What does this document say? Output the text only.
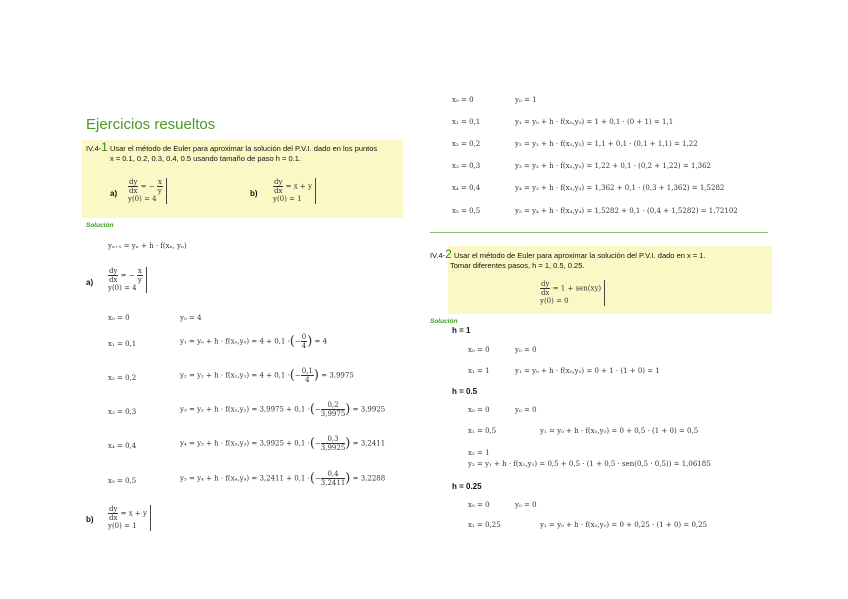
Ejercicios resueltos
IV.4-1 Usar el método de Euler para aproximar la solución del P.V.I. dado en los puntos
x = 0.1, 0.2, 0.3, 0.4, 0.5 usando tamaño de paso h = 0.1.
$a) \frac{dy}{dx}$ = − $\frac{x}{y}$

y(0) = 4
$b) \frac{dy}{dx} = x + y$
y(0) = 1
Solución
yₙ₊₁ = yₙ + h · f(xₙ, yₙ)
$a) \frac{dy}{dx}$ = − $\frac{x}{y}$

y(0) = 4
x₀ = 0	y₀ = 4
x₁ = 0,1	y₁ = y₀ + h · f(x₀,y₀) = 4 + 0,1 ·(− $\frac{0}{4}$ ) = 4
x₂ = 0,2	y₂ = y₁ + h · f(x₁,y₁) = 4 + 0,1 ·(− $\frac{0,1}{4}$ ) = 3,9975
x₃ = 0,3	y₃ = y₂ + h · f(x₂,y₂) = 3,9975 + 0,1 ·(− $\frac{0,2}{3,9975}$ ) = 3,9925
x₄ = 0,4	y₄ = y₃ + h · f(x₃,y₃) = 3,9925 + 0,1 ·(− $\frac{0,3}{3,9925}$ ) = 3,2411
x₅ = 0,5	y₅ = y₄ + h · f(x₄,y₄) = 3,2411 + 0,1 ·(− $\frac{0,4}{3,2411}$ ) = 3,2288
$b) \frac{dy}{dx} = x + y$
y(0) = 1
x₀ = 0	y₀ = 1
x₁ = 0,1	y₁ = y₀ + h · f(x₀,y₀) = 1 + 0,1 · (0 + 1) = 1,1
x₂ = 0,2	y₂ = y₁ + h · f(x₁,y₁) = 1,1 + 0,1 · (0,1 + 1,1) = 1,22
x₃ = 0,3	y₃ = y₂ + h · f(x₂,y₂) = 1,22 + 0,1 · (0,2 + 1,22) = 1,362
x₄ = 0,4	y₄ = y₃ + h · f(x₃,y₃) = 1,362 + 0,1 · (0,3 + 1,362) = 1,5282
x₅ = 0,5	y₅ = y₄ + h · f(x₄,y₄) = 1,5282 + 0,1 · (0,4 + 1,5282) = 1,72102
IV.4-2 Usar el método de Euler para aproximar la solución del P.V.I. dado en x = 1.
Tomar diferentes pasos, h = 1, 0.5, 0.25.
$\frac{dy}{dx} = 1 + sen(xy)$
y(0) = 0
Solución
h = 1
x₀ = 0	y₀ = 0
x₁ = 1	y₁ = y₀ + h · f(x₀,y₀) = 0 + 1 · (1 + 0) = 1
h = 0.5
x₀ = 0	y₀ = 0
x₁ = 0,5	y₁ = y₀ + h · f(x₀,y₀) = 0 + 0,5 · (1 + 0) = 0,5
x₂ = 1
y₂ = y₁ + h · f(x₁,y₁) = 0,5 + 0,5 · (1 + 0,5 · sen(0,5 · 0,5)) = 1,06185
h = 0.25
x₀ = 0	y₀ = 0
x₁ = 0,25	y₁ = y₀ + h · f(x₀,y₀) = 0 + 0,25 · (1 + 0) = 0,25
